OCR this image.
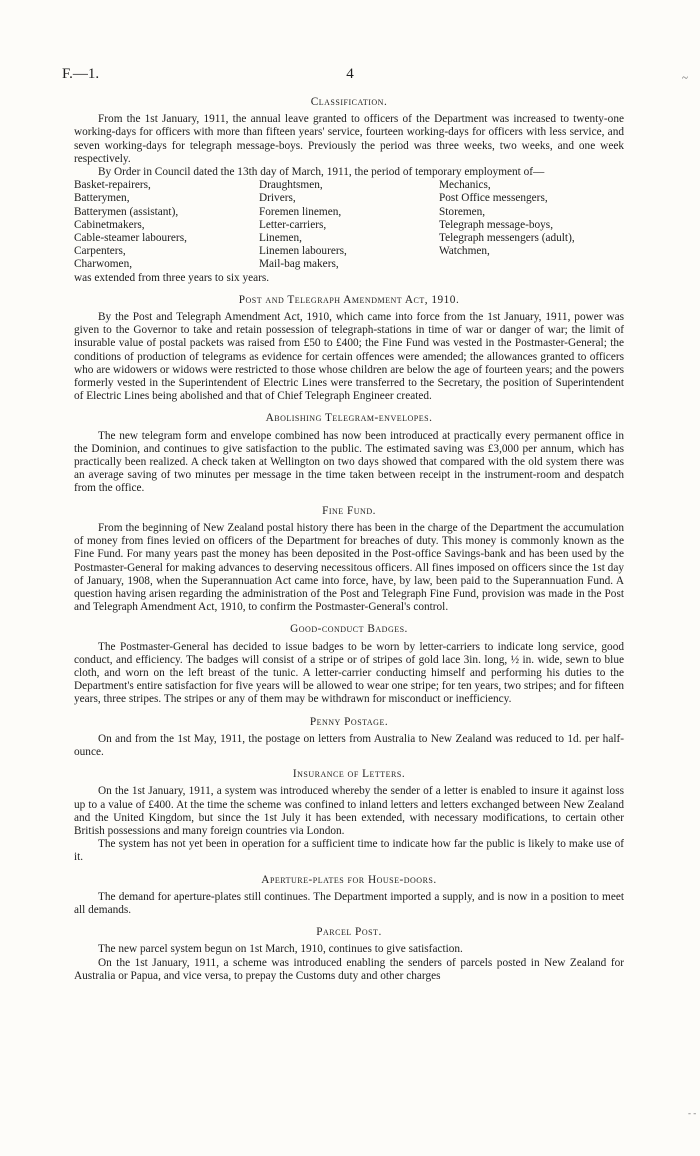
F.—1.	4	~
- -
Classification.

From the 1st January, 1911, the annual leave granted to officers of the Department was increased to twenty-one working-days for officers with more than fifteen years' service, fourteen working-days for officers with less service, and seven working-days for telegraph message-boys. Previously the period was three weeks, two weeks, and one week respectively.

By Order in Council dated the 13th day of March, 1911, the period of temporary employment of—

Basket-repairers,	Draughtsmen,	Mechanics,
Batterymen,	Drivers,	Post Office messengers,
Batterymen (assistant),	Foremen linemen,	Storemen,
Cabinetmakers,	Letter-carriers,	Telegraph message-boys,
Cable-steamer labourers,	Linemen,	Telegraph messengers (adult),
Carpenters,	Linemen labourers,	Watchmen,
Charwomen,	Mail-bag makers,

was extended from three years to six years.

Post and Telegraph Amendment Act, 1910.

By the Post and Telegraph Amendment Act, 1910, which came into force from the 1st January, 1911, power was given to the Governor to take and retain possession of telegraph-stations in time of war or danger of war; the limit of insurable value of postal packets was raised from £50 to £400; the Fine Fund was vested in the Postmaster-General; the conditions of production of telegrams as evidence for certain offences were amended; the allowances granted to officers who are widowers or widows were restricted to those whose children are below the age of fourteen years; and the powers formerly vested in the Superintendent of Electric Lines were transferred to the Secretary, the position of Superintendent of Electric Lines being abolished and that of Chief Telegraph Engineer created.

Abolishing Telegram-envelopes.

The new telegram form and envelope combined has now been introduced at practically every permanent office in the Dominion, and continues to give satisfaction to the public. The estimated saving was £3,000 per annum, which has practically been realized. A check taken at Wellington on two days showed that compared with the old system there was an average saving of two minutes per message in the time taken between receipt in the instrument-room and despatch from the office.

Fine Fund.

From the beginning of New Zealand postal history there has been in the charge of the Department the accumulation of money from fines levied on officers of the Department for breaches of duty. This money is commonly known as the Fine Fund. For many years past the money has been deposited in the Post-office Savings-bank and has been used by the Postmaster-General for making advances to deserving necessitous officers. All fines imposed on officers since the 1st day of January, 1908, when the Superannuation Act came into force, have, by law, been paid to the Superannuation Fund. A question having arisen regarding the administration of the Post and Telegraph Fine Fund, provision was made in the Post and Telegraph Amendment Act, 1910, to confirm the Postmaster-General's control.

Good-conduct Badges.

The Postmaster-General has decided to issue badges to be worn by letter-carriers to indicate long service, good conduct, and efficiency. The badges will consist of a stripe or of stripes of gold lace 3in. long, ½ in. wide, sewn to blue cloth, and worn on the left breast of the tunic. A letter-carrier conducting himself and performing his duties to the Department's entire satisfaction for five years will be allowed to wear one stripe; for ten years, two stripes; and for fifteen years, three stripes. The stripes or any of them may be withdrawn for misconduct or inefficiency.

Penny Postage.

On and from the 1st May, 1911, the postage on letters from Australia to New Zealand was reduced to 1d. per half-ounce.

Insurance of Letters.

On the 1st January, 1911, a system was introduced whereby the sender of a letter is enabled to insure it against loss up to a value of £400. At the time the scheme was confined to inland letters and letters exchanged between New Zealand and the United Kingdom, but since the 1st July it has been extended, with necessary modifications, to certain other British possessions and many foreign countries via London.

The system has not yet been in operation for a sufficient time to indicate how far the public is likely to make use of it.

Aperture-plates for House-doors.

The demand for aperture-plates still continues. The Department imported a supply, and is now in a position to meet all demands.

Parcel Post.

The new parcel system begun on 1st March, 1910, continues to give satisfaction.

On the 1st January, 1911, a scheme was introduced enabling the senders of parcels posted in New Zealand for Australia or Papua, and vice versa, to prepay the Customs duty and other charges
